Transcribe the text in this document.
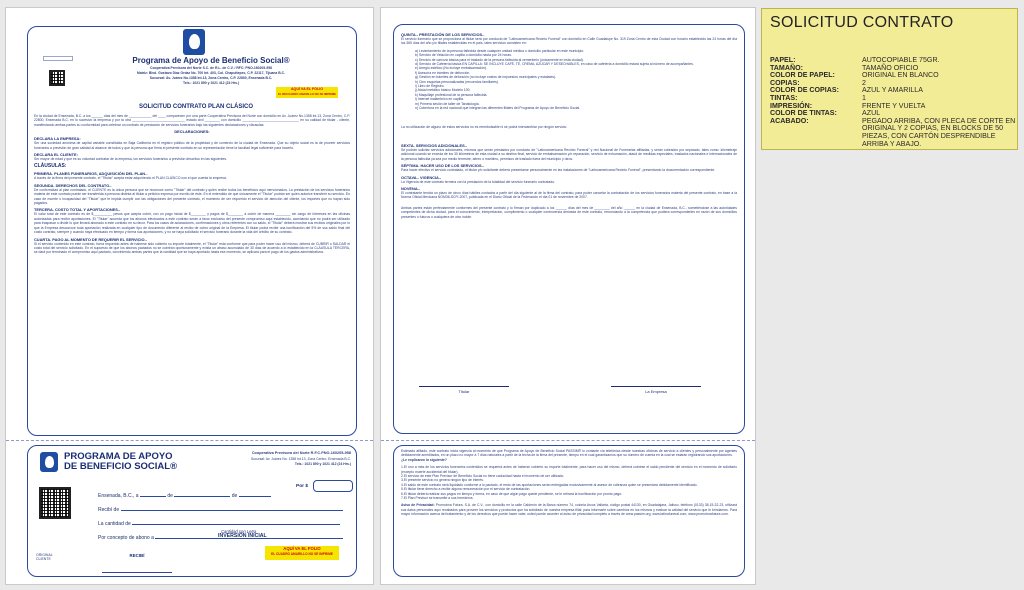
SOLICITUD CONTRATO
PAPEL:	AUTOCOPIABLE 75GR.
TAMAÑO:	TAMAÑO OFICIO
COLOR DE PAPEL:	ORIGINAL EN BLANCO
COPIAS:	2
COLOR DE COPIAS:	AZUL Y AMARILLA
TINTAS:	1
IMPRESIÓN:	FRENTE Y VUELTA
COLOR DE TINTAS:	AZUL
ACABADO:	PEGADO ARRIBA, CON PLECA DE CORTE EN ORIGINAL Y 2 COPIAS, EN BLOCKS DE 50 PIEZAS, CON CARTÓN DESPRENDIBLE ARRIBA Y ABAJO.
Programa de Apoyo de Beneficio Social®
Cooperativa Previsora del Norte S.C. de R.L. de C.V. / RFC: PNO-160205-958
Matriz: Blvd. Gustavo Díaz Ordaz No. 700 Int. 403, Col. Chapultepec, C.P. 22117, Tijuana B.C.
Sucursal: Av. Juárez No.1358 Int.13, Zona Centro, C.P. 22800, Ensenada B.C.
Tels.: 1021 890 y 1021 412 (24 Hrs.)
AQUÍ VA EL FOLIO
EL RECUADRO AMARILLO NO SE IMPRIME
SOLICITUD CONTRATO PLAN CLÁSICO

En la ciudad de Ensenada, B.C. a los ______ días del mes de ____________ del ____ comparecen por una parte Cooperativa Previsora del Norte con domicilio en Av. Juárez No.1358 Int.13, Zona Centro, C.P. 22800, Ensenada B.C. en lo sucesivo la empresa y por la otra ____________________________ estado civil ________ con domicilio ______________________________ en su calidad de titular - cliente, manifestando ambas partes su conformidad para celebrar un contrato de prestación de servicios funerarios bajo las siguientes declaraciones y cláusulas:

DECLARACIONES:

DECLARA LA EMPRESA:

Ser una sociedad anónima de capital variable constituida en Baja California en el registro público de la propiedad y de comercio de la ciudad de Ensenada. Que su objeto social es la de proveer servicios funerarios a previsión de gran calidad al alcance de todos y que la persona que firma el presente contrato en su representación tiene la facultad legal suficiente para hacerlo.

DECLARA EL CLIENTE:

Ser mayor de edad y que es su voluntad contratar de la empresa, los servicios funerarios a previsión descritos en las siguientes.

CLÁUSULAS:

PRIMERA. PLANES FUNERARIOS, ADQUISICIÓN DEL PLAN.-

A través de la firma del presente contrato, el "Titular" acepta estar adquiriendo el PLAN CLÁSICO con el que cuenta la empresa.

SEGUNDA. DERECHOS DEL CONTRATO.-

De conformidad al plan contratado, el CLIENTE es la única persona que se reconoce como "Titular" del contrato y quién recibe todos los beneficios aquí mencionados. La prestación de los servicios funerarios materia de este contrato puede ser transferida a persona distinta al titular a petición expresa por escrito de éste. En el entendido de que únicamente el "Titular" podrán ser quién autorice transferir su servicio. En caso de muerte o incapacidad del "Titular" que le impida cumplir con las obligaciones del presente contrato, el momento de ser requerido el servicio de atención del cliente, los importes que no hayan sido pagados.

TERCERA. COSTO TOTAL Y APORTACIONES.-

El valor total de este contrato es de $__________ pesos que acepta cubrir, con un pago inicial de $________ y pagos de $________ a cubrir de manera ________ sin cargo de intereses en las oficinas autorizadas para recibir aportaciones. El "Titular" acuerda que los abonos efectuados a este contrato serán a favor exclusivo del presente compromiso aquí establecido, acordando que no podrá ser utilizado para traspasar o dividir lo que llevará abonado a este contrato en su favor. Para los casos de aclaraciones, confirmaciones y otros referentes con su saldo, el "Titular" deberá mostrar sus recibos originales por lo que la Empresa desconoce toda aportación realizada en cualquier tipo de documento diferente al recibo de cobro original de la Empresa. El titular podrá recibir una bonificación del 5% de sus saldo final del costo contrato, siempre y cuando haya efectuado en tiempo y forma sus aportaciones, y no se haya solicitado el servicio funerario durante la vida del crédito de su contrato.

CUARTA. PAGO AL MOMENTO DE REQUERIR EL SERVICIO.-

Si el servicio contenido en este contrato, fuera requerido antes de haberse sido cubierto su importe totalmente, el "Titular" esta conforme que para poder hacer uso del mismo, deberá de CUBRIR o SALDAR el costo total del servicio solicitado. En el supuesto de que los abonos pactados no se cubrirán oportunamente y exista un atraso acumulado de 30 días de acuerdo a lo establecido en la CLÁUSULA TERCERA, se dará por terminado el compromiso aquí pactado, conviniendo ambas partes que la cantidad que se haya aportado hasta ese momento, se aplicará para el pago de los gastos administrativos.

PROGRAMA DE APOYO
DE BENEFICIO SOCIAL®
Cooperativa Previsora del Norte R.F.C.PNO-160205-958
Sucursal: Av. Juárez No. 1358 Int.13, Zona Centro, Ensenada B.C.
Tels.: 1021 890 y 1021 412 (24 Hrs.)
ORIGINAL CLIENTE
Por $
Ensenada, B.C., a	de	de
Recibí de
La cantidad de
Cantidad con Letra
Por concepto de abono a	INVERSIÓN INICIAL
RECIBÍ
AQUÍ VA EL FOLIO
EL CUADRO AMARILLO NO SE IMPRIME

QUINTA.- PRESTACIÓN DE LOS SERVICIOS.-

El servicio funerario que se proporciona al titular será por conducto de "Latinoamericana Recinto Funeral" con domicilio en Calle Guadalupe No. 319 Zona Centro de esta Ciudad con horario establecido las 24 horas del día los 365 días del año y/o filiales establecidas en el país, tales servicios consisten en:

a) Levantamiento de la persona fallecida desde cualquier unidad médica o domicilio particular en este municipio.

b) Servicio de Velación en capilla o domicilio hasta por 24 horas.

c) Servicio de carroza básica para el traslado de la persona fallecida al cementerio (únicamente en esta ciudad).

d) Servicio de Cafetería básica EN CAPILLA: SE INCLUYE CAFÉ, TÉ, CREMA, AZÚCAR Y DESECHABLES, en caso de cafetería a domicilio estará sujeta al número de acompañantes.

e) Arreglo estético (No incluye embalsamación).

f) Asesoría en trámites de defunción.

g) Gestión en trámites de defunción (no incluye costos de impuestos municipales y estatales).

h) Cien esquelas personalizadas (recuerdos familiares).

i) Libro de Registro.

j) Ataúd metálico básico Modelo 100.

k) Maquillaje profesional de la persona fallecida.

l) Internet inalámbrico en capilla.

m) Primera sesión de taller de Tanatología.

n) Cobertura en la red nacional que integran las diferentes filiales del Programa de Apoyo de Beneficio Social.

La no utilización de alguno de estos servicios no es reembolsable ni se podrá intercambiar por ningún servicio.

SEXTA. SERVICIOS ADICIONALES.-

Se podrán solicitar servicios adicionales, mismos que serán prestados por conducto de "Latinoamericana Recinto Funeral" y red Nacional de Funerarias afiliadas, y serán cobrados por separado, tales como: kilometraje adicional cuando se exceda de los 30 kilómetros de esta ciudad a su destino final, servicio de embalsamación y/o reparación, servicio de exhumación, ataúd de medidas especiales, traslados nacionales e internacionales de la persona fallecida ya sea por medio terrestre, aéreo o marítimo, permisos de traslado fuera del municipio y otros.

SÉPTIMA. HACER USO DE LOS SERVICIOS.-

Para hacer efectivo el servicio contratado, el titular y/o solicitante deberá presentarse personalmente en las instalaciones de "Latinoamericana Recinto Funeral", presentando la documentación correspondiente.

OCTAVA.- VIGENCIA.-

La Vigencia de este contrato termina con la prestación de la totalidad del servicio funerario contratado.

NOVENA.-

El contratante tendrá un plazo de cinco días hábiles contados a partir del día siguiente al de la firma del contrato, para poder cancelar la contratación de los servicios funerarios materia del presente contrato, en base a la Norma Oficial Mexicana NOM36-SCFI-2007, publicada en el Diario Oficial de la Federación el día 01 de noviembre de 2007.

Ambas partes están perfectamente conformes del presente contrato y lo firman por duplicado a los ______ días del mes de ________ del año ______ en la ciudad de Ensenada, B.C., sometiéndose a las autoridades competentes de dicha ciudad, para el conocimiento, interpretación, cumplimiento o cualquier controversia derivada de este contrato, renunciando a la competencia que pudiera corresponderles en razón de sus domicilios presentes o futuros o cualquiera de otra índole.

Titular	La Empresa

Estimado afiliado, este contrato inicia vigencia al momento de que Programa de Apoyo de Beneficio Social PASSIM® lo contacte vía telefónica desde nuestras oficinas de servicio a clientes y personalmente por agentes debidamente acreditados, en un plazo no mayor a 7 días naturales a partir de la fecha de la firma del presente, tiempo en el cual garantizamos que su número de cuenta en la cual se estarán registrando sus aportaciones.

¿Le explicaron lo siguiente?

1.El uno a más de los servicios funerarios contenidos se requerirá antes de haberse cubierto su importe totalmente, para hacer uso del mismo, deberá cubrirse el saldo pendiente del servicio en el momento de solicitarlo (excepto muerte accidental del titular).

2.El servicio de este Plan Previsor de Beneficio Social no tiene caducidad hasta el momento de ser utilizado.

3.El presente servicio no genera ningún tipo de interés.

4.El saldo de este contrato será liquidado conforme a lo pactado, el resto de las aportaciones serán entregadas exclusivamente al asesor de cobranza quien se presentará debidamente identificado.

5.El titular tiene derecho a recibir alguna remuneración por el servicio de contratación.

6.El titular deberá realizar sus pagos en tiempo y forma, en caso de que algún pago quede pendiente, se le retirará la bonificación por pronto pago.

7.El Plan Previsor se transmite a sus herederos.

Aviso de Privacidad: Promotora Futura, S.A. de C.V., con domicilio en la calle Calderón de la Barca número 74, colonia Arcos Vallarta, código postal 44130, en Guadalajara, Jalisco, teléfono (0133) 38-15-32-23, utilizará sus datos personales aquí recabados para proveer los servicios y productos que ha solicitado de nuestra empresa filial; para informarle sobre cambios en los mismos y evaluar la calidad del servicio que le brindamos. Para mayor información acerca del tratamiento y de los derechos que puede hacer valer, usted puede acceder al aviso de privacidad completo a través de www.passim.org, www.latinofuneral.com, www.promotorafutura.com.
